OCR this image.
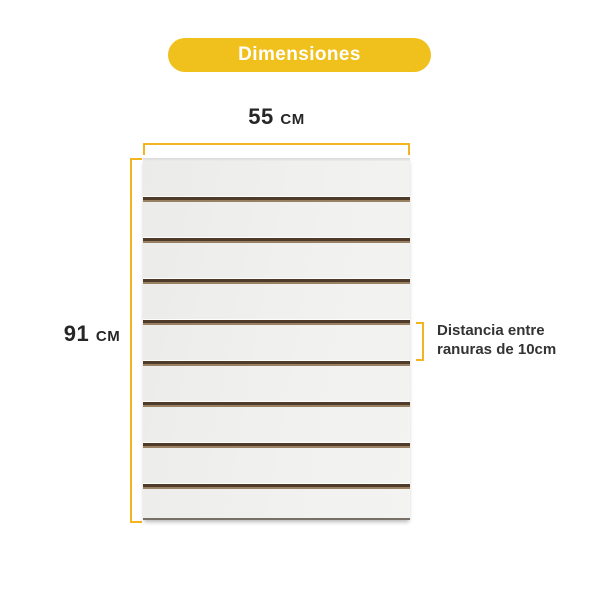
Dimensiones
55 cm
91 cm	Distancia entre
ranuras de 10cm
